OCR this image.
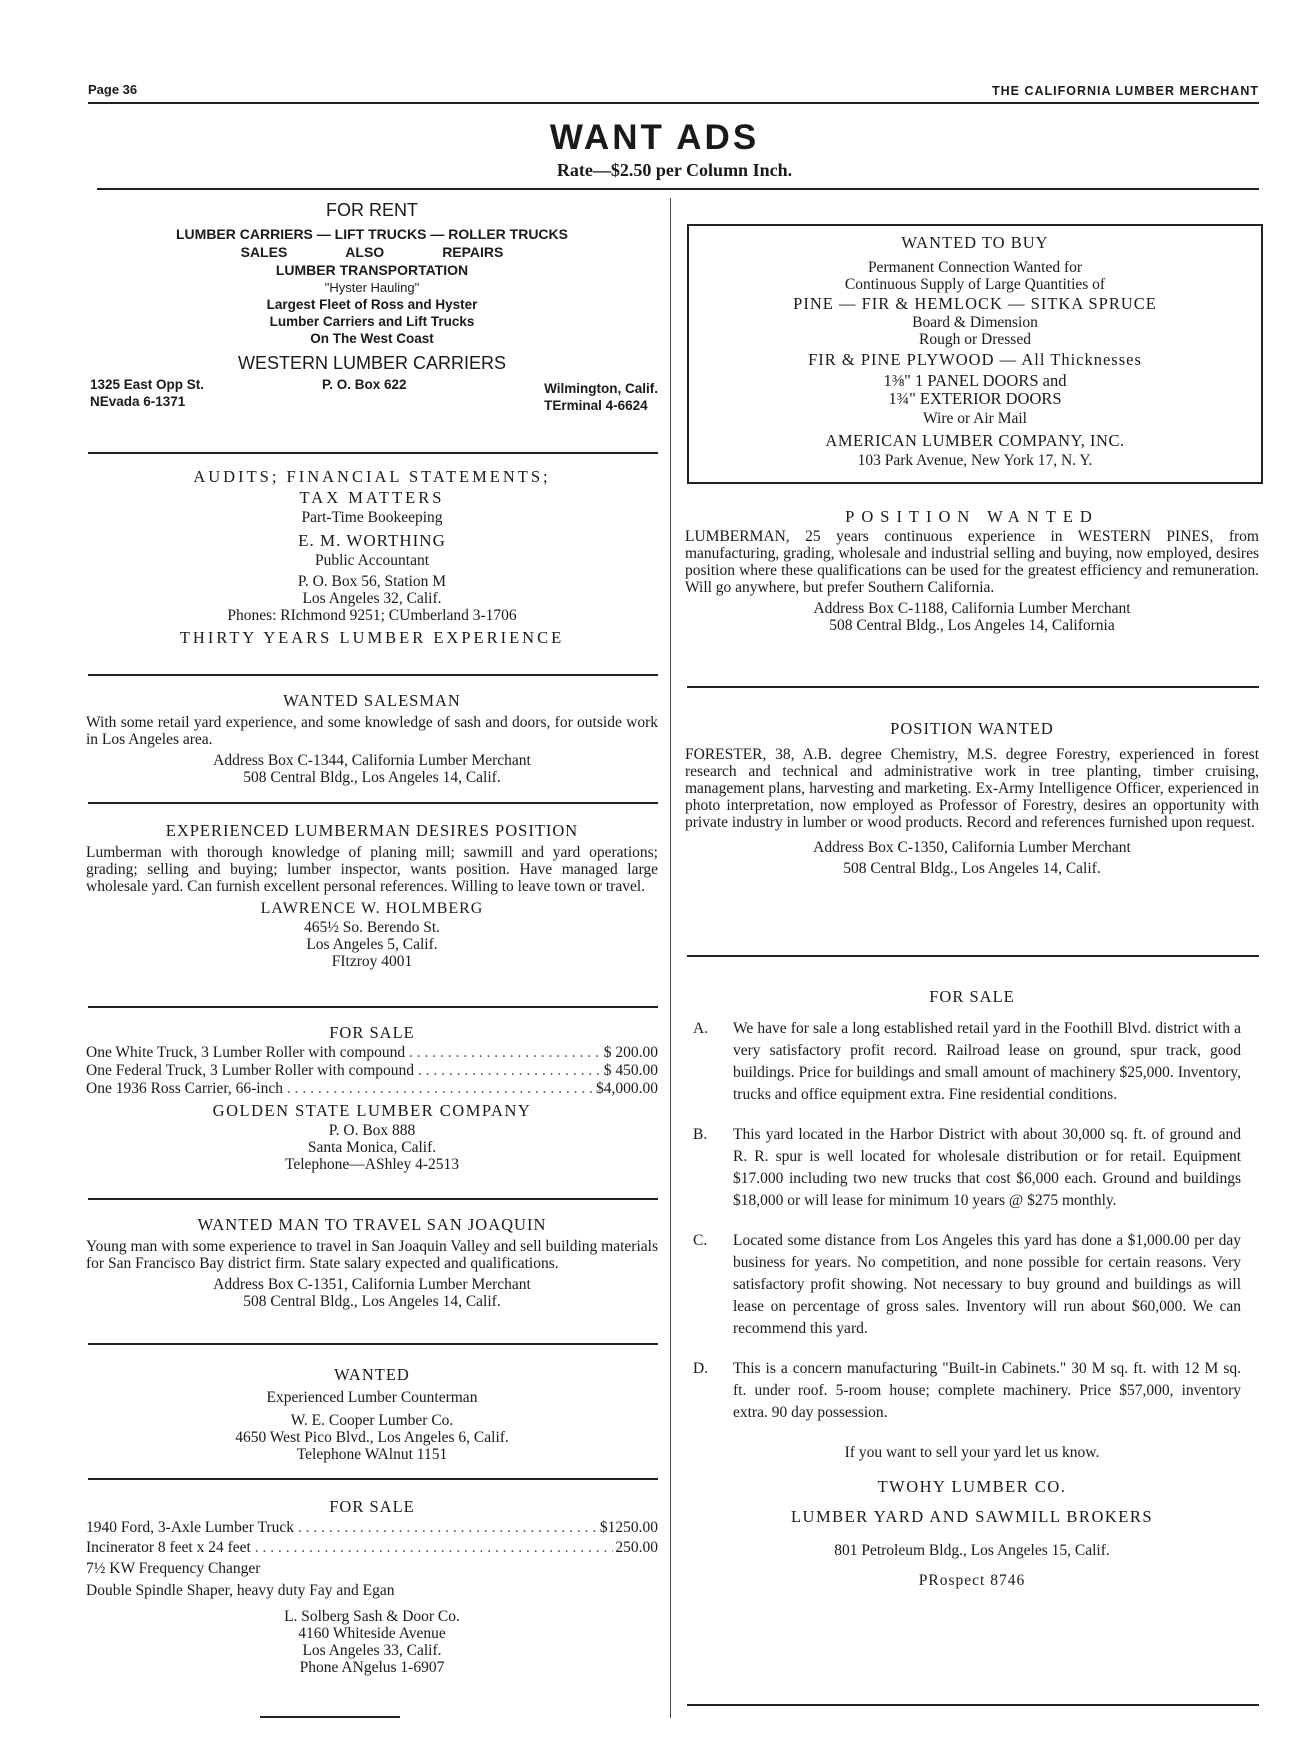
Page 36	THE CALIFORNIA LUMBER MERCHANT
WANT ADS
Rate—$2.50 per Column Inch.
FOR RENT
LUMBER CARRIERS — LIFT TRUCKS — ROLLER TRUCKS
SALES	ALSO	REPAIRS
LUMBER TRANSPORTATION
"Hyster Hauling"
Largest Fleet of Ross and Hyster
Lumber Carriers and Lift Trucks
On The West Coast
WESTERN LUMBER CARRIERS
1325 East Opp St.
NEvada 6-1371
P. O. Box 622	Wilmington, Calif.
TErminal 4-6624
AUDITS; FINANCIAL STATEMENTS;
TAX MATTERS
Part-Time Bookeeping
E. M. WORTHING
Public Accountant
P. O. Box 56, Station M
Los Angeles 32, Calif.
Phones: RIchmond 9251; CUmberland 3-1706
THIRTY YEARS LUMBER EXPERIENCE
WANTED SALESMAN
With some retail yard experience, and some knowledge of sash and doors, for outside work in Los Angeles area.
Address Box C-1344, California Lumber Merchant
508 Central Bldg., Los Angeles 14, Calif.
EXPERIENCED LUMBERMAN DESIRES POSITION
Lumberman with thorough knowledge of planing mill; sawmill and yard operations; grading; selling and buying; lumber inspector, wants position. Have managed large wholesale yard. Can furnish excellent personal references. Willing to leave town or travel.
LAWRENCE W. HOLMBERG
465½ So. Berendo St.
Los Angeles 5, Calif.
FItzroy 4001
FOR SALE
One White Truck, 3 Lumber Roller with compound . . .	$ 200.00
One Federal Truck, 3 Lumber Roller with compound . . .	$ 450.00
One 1936 Ross Carrier, 66-inch . . .	$4,000.00
GOLDEN STATE LUMBER COMPANY
P. O. Box 888
Santa Monica, Calif.
Telephone—AShley 4-2513
WANTED MAN TO TRAVEL SAN JOAQUIN
Young man with some experience to travel in San Joaquin Valley and sell building materials for San Francisco Bay district firm. State salary expected and qualifications.
Address Box C-1351, California Lumber Merchant
508 Central Bldg., Los Angeles 14, Calif.
WANTED
Experienced Lumber Counterman
W. E. Cooper Lumber Co.
4650 West Pico Blvd., Los Angeles 6, Calif.
Telephone WAlnut 1151
FOR SALE
1940 Ford, 3-Axle Lumber Truck . . .	$1250.00
Incinerator 8 feet x 24 feet . . .	250.00
7½ KW Frequency Changer
Double Spindle Shaper, heavy duty Fay and Egan
L. Solberg Sash & Door Co.
4160 Whiteside Avenue
Los Angeles 33, Calif.
Phone ANgelus 1-6907
WANTED TO BUY
Permanent Connection Wanted for
Continuous Supply of Large Quantities of
PINE — FIR & HEMLOCK — SITKA SPRUCE
Board & Dimension
Rough or Dressed
FIR & PINE PLYWOOD — All Thicknesses
1⅜" 1 PANEL DOORS and
1¾" EXTERIOR DOORS
Wire or Air Mail
AMERICAN LUMBER COMPANY, INC.
103 Park Avenue, New York 17, N. Y.
POSITION WANTED
LUMBERMAN, 25 years continuous experience in WESTERN PINES, from manufacturing, grading, wholesale and industrial selling and buying, now employed, desires position where these qualifications can be used for the greatest efficiency and remuneration. Will go anywhere, but prefer Southern California.
Address Box C-1188, California Lumber Merchant
508 Central Bldg., Los Angeles 14, California
POSITION WANTED
FORESTER, 38, A.B. degree Chemistry, M.S. degree Forestry, experienced in forest research and technical and administrative work in tree planting, timber cruising, management plans, harvesting and marketing. Ex-Army Intelligence Officer, experienced in photo interpretation, now employed as Professor of Forestry, desires an opportunity with private industry in lumber or wood products. Record and references furnished upon request.
Address Box C-1350, California Lumber Merchant
508 Central Bldg., Los Angeles 14, Calif.
FOR SALE
A.	We have for sale a long established retail yard in the Foothill Blvd. district with a very satisfactory profit record. Railroad lease on ground, spur track, good buildings. Price for buildings and small amount of machinery $25,000. Inventory, trucks and office equipment extra. Fine residential conditions.
B.	This yard located in the Harbor District with about 30,000 sq. ft. of ground and R. R. spur is well located for wholesale distribution or for retail. Equipment $17.000 including two new trucks that cost $6,000 each. Ground and buildings $18,000 or will lease for minimum 10 years @ $275 monthly.
C.	Located some distance from Los Angeles this yard has done a $1,000.00 per day business for years. No competition, and none possible for certain reasons. Very satisfactory profit showing. Not necessary to buy ground and buildings as will lease on percentage of gross sales. Inventory will run about $60,000. We can recommend this yard.
D.	This is a concern manufacturing "Built-in Cabinets." 30 M sq. ft. with 12 M sq. ft. under roof. 5-room house; complete machinery. Price $57,000, inventory extra. 90 day possession.
If you want to sell your yard let us know.
TWOHY LUMBER CO.
LUMBER YARD AND SAWMILL BROKERS
801 Petroleum Bldg., Los Angeles 15, Calif.
PRospect 8746
